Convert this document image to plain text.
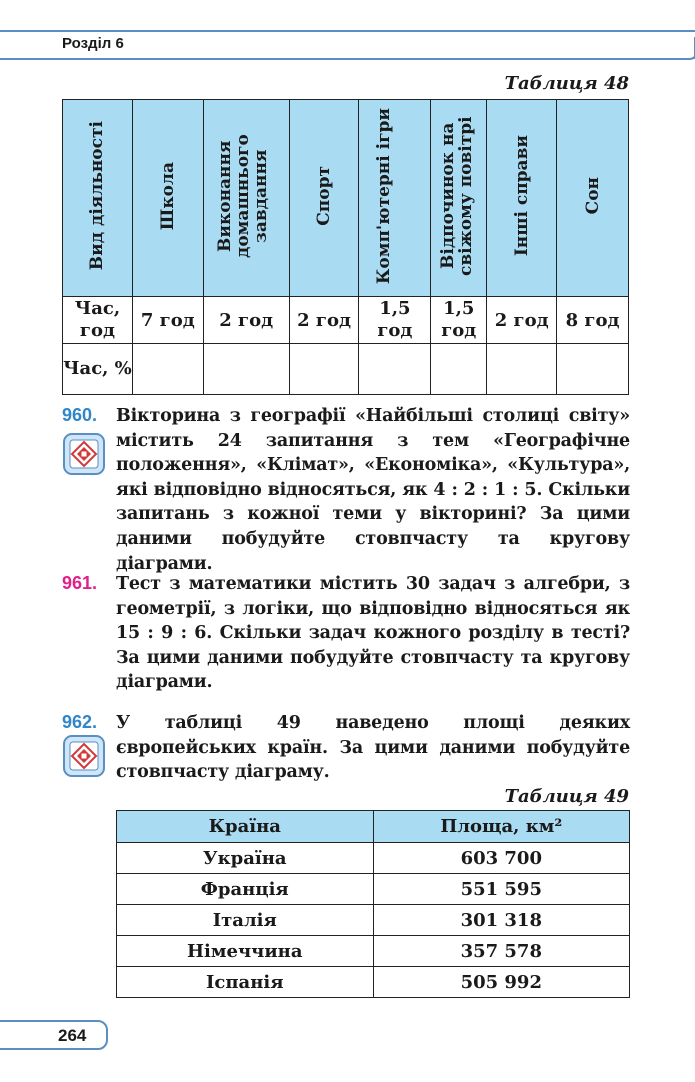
Розділ 6
Таблиця 48
Вид діяльності	Школа	Виконання домашнього завдання	Спорт	Комп'ютерні ігри	Відпочинок на свіжому повітрі	Інші справи	Сон
Час, год	7 год	2 год	2 год	1,5 год	1,5 год	2 год	8 год
Час, %							
960. Вікторина з географії «Найбільші столиці світу» містить 24 запитання з тем «Географічне положення», «Клімат», «Економіка», «Культура», які відповідно відносяться, як 4 : 2 : 1 : 5. Скільки запитань з кожної теми у вікторині? За цими даними побудуйте стовпчасту та кругову діаграми.
961. Тест з математики містить 30 задач з алгебри, з геометрії, з логіки, що відповідно відносяться як 15 : 9 : 6. Скільки задач кожного розділу в тесті? За цими даними побудуйте стовпчасту та кругову діаграми.
962. У таблиці 49 наведено площі деяких європейських країн. За цими даними побудуйте стовпчасту діаграму.
Таблиця 49
Країна	Площа, км²
Україна	603 700
Франція	551 595
Італія	301 318
Німеччина	357 578
Іспанія	505 992
264
